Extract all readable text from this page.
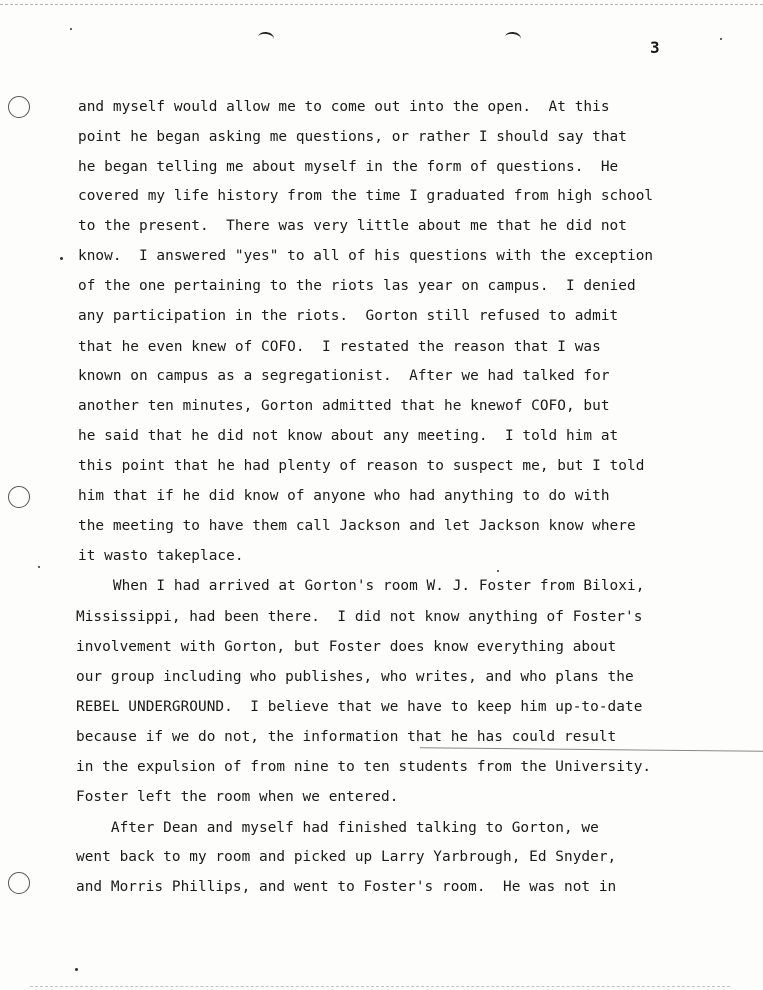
3
and myself would allow me to come out into the open.  At this
point he began asking me questions, or rather I should say that
he began telling me about myself in the form of questions.  He
covered my life history from the time I graduated from high school
to the present.  There was very little about me that he did not
know.  I answered "yes" to all of his questions with the exception
of the one pertaining to the riots las year on campus.  I denied
any participation in the riots.  Gorton still refused to admit
that he even knew of COFO.  I restated the reason that I was
known on campus as a segregationist.  After we had talked for
another ten minutes, Gorton admitted that he knewof COFO, but
he said that he did not know about any meeting.  I told him at
this point that he had plenty of reason to suspect me, but I told
him that if he did know of anyone who had anything to do with
the meeting to have them call Jackson and let Jackson know where
it wasto takeplace.
When I had arrived at Gorton's room W. J. Foster from Biloxi,
Mississippi, had been there.  I did not know anything of Foster's
involvement with Gorton, but Foster does know everything about
our group including who publishes, who writes, and who plans the
REBEL UNDERGROUND.  I believe that we have to keep him up-to-date
because if we do not, the information that he has could result
in the expulsion of from nine to ten students from the University.
Foster left the room when we entered.
After Dean and myself had finished talking to Gorton, we
went back to my room and picked up Larry Yarbrough, Ed Snyder,
and Morris Phillips, and went to Foster's room.  He was not in
